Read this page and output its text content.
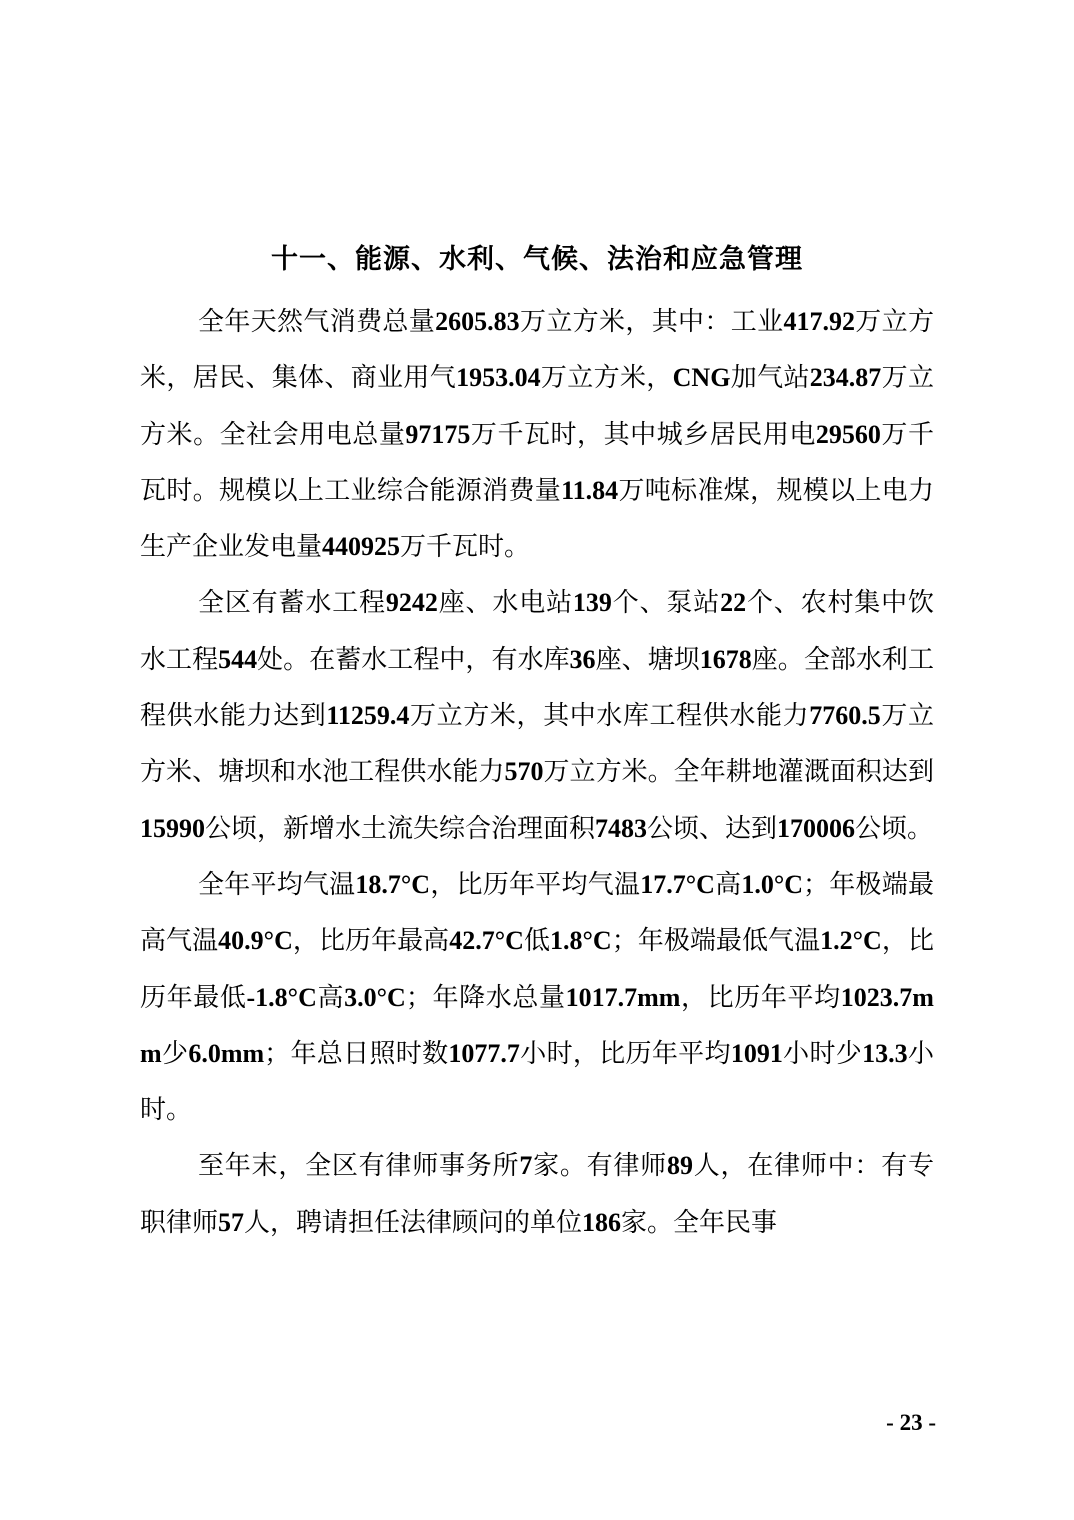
十一、能源、水利、气候、法治和应急管理

全年天然气消费总量2605.83万立方米，其中：工业417.92万立方米，居民、集体、商业用气1953.04万立方米，CNG加气站234.87万立方米。全社会用电总量97175万千瓦时，其中城乡居民用电29560万千瓦时。规模以上工业综合能源消费量11.84万吨标准煤，规模以上电力生产企业发电量440925万千瓦时。

全区有蓄水工程9242座、水电站139个、泵站22个、农村集中饮水工程544处。在蓄水工程中，有水库36座、塘坝1678座。全部水利工程供水能力达到11259.4万立方米，其中水库工程供水能力7760.5万立方米、塘坝和水池工程供水能力570万立方米。全年耕地灌溉面积达到15990公顷，新增水土流失综合治理面积7483公顷、达到170006公顷。

全年平均气温18.7°C，比历年平均气温17.7°C高1.0°C；年极端最高气温40.9°C，比历年最高42.7°C低1.8°C；年极端最低气温1.2°C，比历年最低-1.8°C高3.0°C；年降水总量1017.7mm，比历年平均1023.7mm少6.0mm；年总日照时数1077.7小时，比历年平均1091小时少13.3小时。

至年末，全区有律师事务所7家。有律师89人，在律师中：有专职律师57人，聘请担任法律顾问的单位186家。全年民事

- 23 -
